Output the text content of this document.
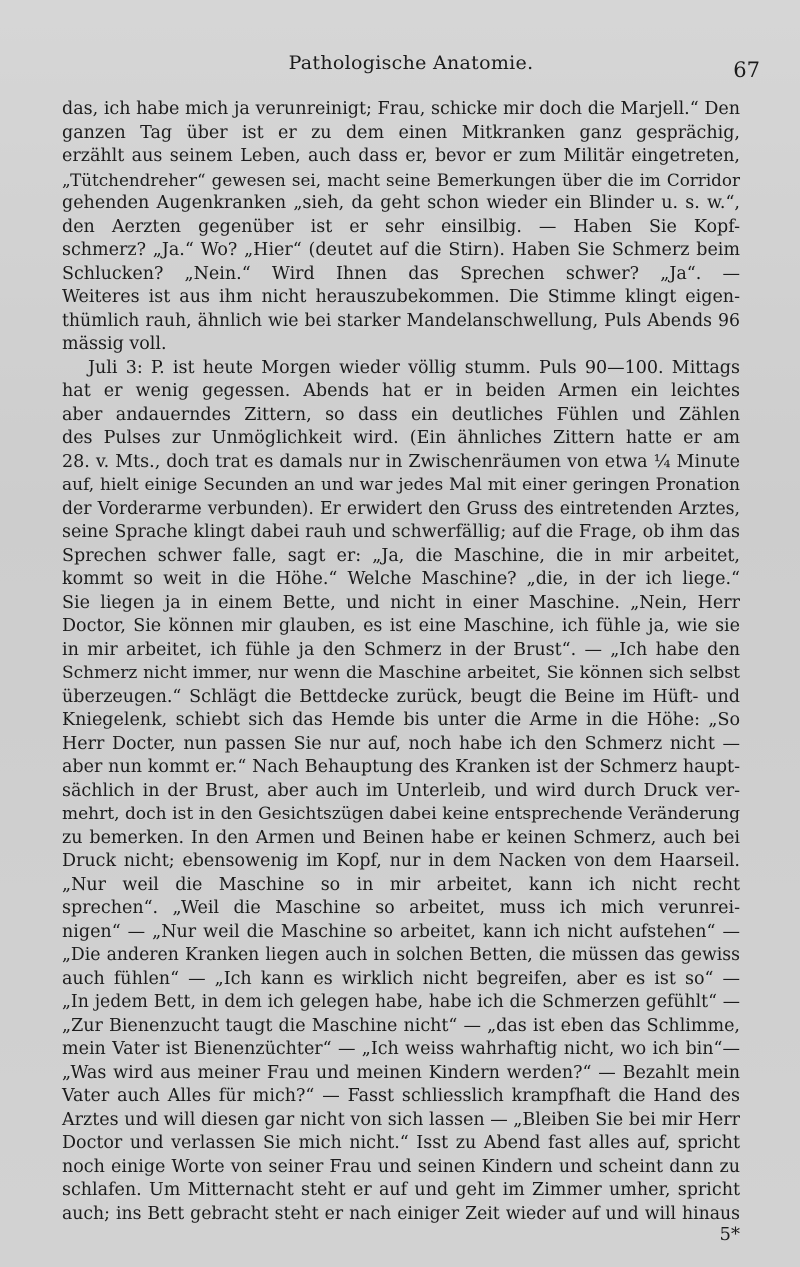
Pathologische Anatomie.	67
das, ich habe mich ja verunreinigt; Frau, schicke mir doch die Marjell.“ Den
ganzen Tag über ist er zu dem einen Mitkranken ganz gesprächig,
erzählt aus seinem Leben, auch dass er, bevor er zum Militär eingetreten,
„Tütchendreher“ gewesen sei, macht seine Bemerkungen über die im Corridor
gehenden Augenkranken „sieh, da geht schon wieder ein Blinder u. s. w.“,
den Aerzten gegenüber ist er sehr einsilbig. — Haben Sie Kopf-
schmerz? „Ja.“ Wo? „Hier“ (deutet auf die Stirn). Haben Sie Schmerz beim
Schlucken? „Nein.“ Wird Ihnen das Sprechen schwer? „Ja“. —
Weiteres ist aus ihm nicht herauszubekommen. Die Stimme klingt eigen-
thümlich rauh, ähnlich wie bei starker Mandelanschwellung, Puls Abends 96
mässig voll.
Juli 3: P. ist heute Morgen wieder völlig stumm. Puls 90—100. Mittags
hat er wenig gegessen. Abends hat er in beiden Armen ein leichtes
aber andauerndes Zittern, so dass ein deutliches Fühlen und Zählen
des Pulses zur Unmöglichkeit wird. (Ein ähnliches Zittern hatte er am
28. v. Mts., doch trat es damals nur in Zwischenräumen von etwa ¼ Minute
auf, hielt einige Secunden an und war jedes Mal mit einer geringen Pronation
der Vorderarme verbunden). Er erwidert den Gruss des eintretenden Arztes,
seine Sprache klingt dabei rauh und schwerfällig; auf die Frage, ob ihm das
Sprechen schwer falle, sagt er: „Ja, die Maschine, die in mir arbeitet,
kommt so weit in die Höhe.“ Welche Maschine? „die, in der ich liege.“
Sie liegen ja in einem Bette, und nicht in einer Maschine. „Nein, Herr
Doctor, Sie können mir glauben, es ist eine Maschine, ich fühle ja, wie sie
in mir arbeitet, ich fühle ja den Schmerz in der Brust“. — „Ich habe den
Schmerz nicht immer, nur wenn die Maschine arbeitet, Sie können sich selbst
überzeugen.“ Schlägt die Bettdecke zurück, beugt die Beine im Hüft- und
Kniegelenk, schiebt sich das Hemde bis unter die Arme in die Höhe: „So
Herr Docter, nun passen Sie nur auf, noch habe ich den Schmerz nicht —
aber nun kommt er.“ Nach Behauptung des Kranken ist der Schmerz haupt-
sächlich in der Brust, aber auch im Unterleib, und wird durch Druck ver-
mehrt, doch ist in den Gesichtszügen dabei keine entsprechende Veränderung
zu bemerken. In den Armen und Beinen habe er keinen Schmerz, auch bei
Druck nicht; ebensowenig im Kopf, nur in dem Nacken von dem Haarseil.
„Nur weil die Maschine so in mir arbeitet, kann ich nicht recht
sprechen“. „Weil die Maschine so arbeitet, muss ich mich verunrei-
nigen“ — „Nur weil die Maschine so arbeitet, kann ich nicht aufstehen“ —
„Die anderen Kranken liegen auch in solchen Betten, die müssen das gewiss
auch fühlen“ — „Ich kann es wirklich nicht begreifen, aber es ist so“ —
„In jedem Bett, in dem ich gelegen habe, habe ich die Schmerzen gefühlt“ —
„Zur Bienenzucht taugt die Maschine nicht“ — „das ist eben das Schlimme,
mein Vater ist Bienenzüchter“ — „Ich weiss wahrhaftig nicht, wo ich bin“—
„Was wird aus meiner Frau und meinen Kindern werden?“ — Bezahlt mein
Vater auch Alles für mich?“ — Fasst schliesslich krampfhaft die Hand des
Arztes und will diesen gar nicht von sich lassen — „Bleiben Sie bei mir Herr
Doctor und verlassen Sie mich nicht.“ Isst zu Abend fast alles auf, spricht
noch einige Worte von seiner Frau und seinen Kindern und scheint dann zu
schlafen. Um Mitternacht steht er auf und geht im Zimmer umher, spricht
auch; ins Bett gebracht steht er nach einiger Zeit wieder auf und will hinaus
5*
